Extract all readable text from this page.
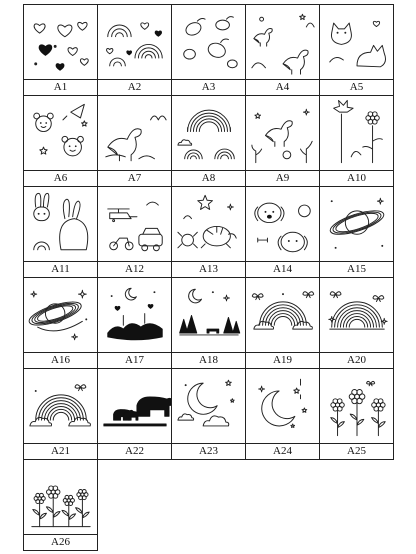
A1	A2	A3	A4	A5
A6	A7	A8	A9	A10
A11	A12	A13	A14	A15
A16	A17	A18	A19	A20
A21	A22	A23	A24	A25
A26
